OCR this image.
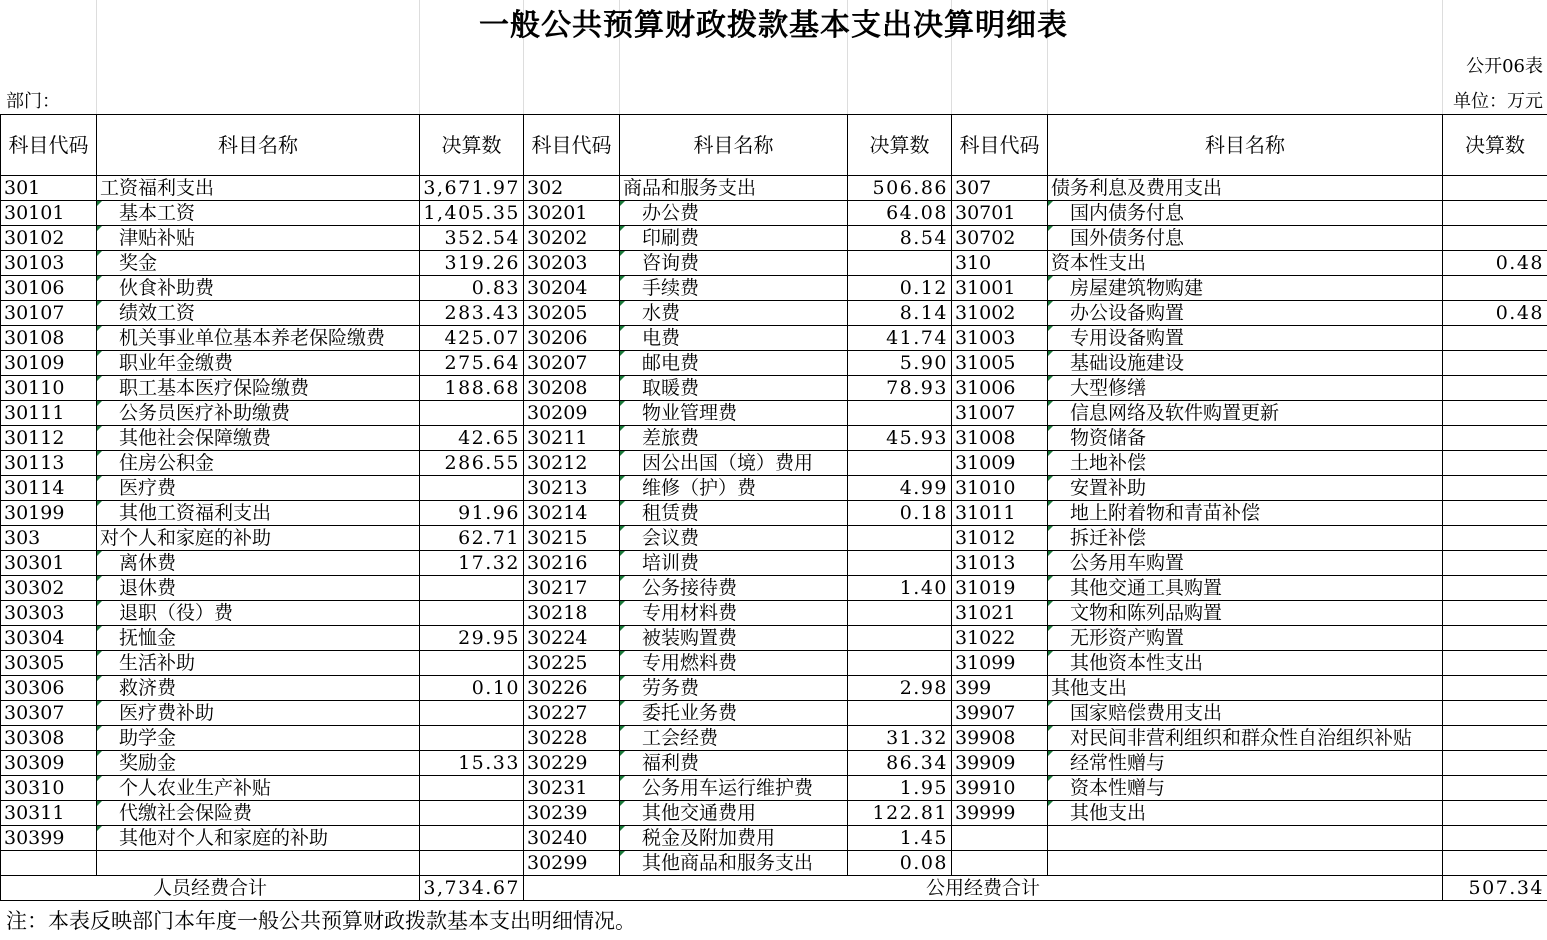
一般公共预算财政拨款基本支出决算明细表
公开06表
部门：	单位：万元
科目代码	科目名称	决算数	科目代码	科目名称	决算数	科目代码	科目名称	决算数
301	工资福利支出	3,671.97	302	商品和服务支出	506.86	307	债务利息及费用支出	
30101	基本工资	1,405.35	30201	办公费	64.08	30701	国内债务付息	
30102	津贴补贴	352.54	30202	印刷费	8.54	30702	国外债务付息	
30103	奖金	319.26	30203	咨询费		310	资本性支出	0.48
30106	伙食补助费	0.83	30204	手续费	0.12	31001	房屋建筑物购建	
30107	绩效工资	283.43	30205	水费	8.14	31002	办公设备购置	0.48
30108	机关事业单位基本养老保险缴费	425.07	30206	电费	41.74	31003	专用设备购置	
30109	职业年金缴费	275.64	30207	邮电费	5.90	31005	基础设施建设	
30110	职工基本医疗保险缴费	188.68	30208	取暖费	78.93	31006	大型修缮	
30111	公务员医疗补助缴费		30209	物业管理费		31007	信息网络及软件购置更新	
30112	其他社会保障缴费	42.65	30211	差旅费	45.93	31008	物资储备	
30113	住房公积金	286.55	30212	因公出国（境）费用		31009	土地补偿	
30114	医疗费		30213	维修（护）费	4.99	31010	安置补助	
30199	其他工资福利支出	91.96	30214	租赁费	0.18	31011	地上附着物和青苗补偿	
303	对个人和家庭的补助	62.71	30215	会议费		31012	拆迁补偿	
30301	离休费	17.32	30216	培训费		31013	公务用车购置	
30302	退休费		30217	公务接待费	1.40	31019	其他交通工具购置	
30303	退职（役）费		30218	专用材料费		31021	文物和陈列品购置	
30304	抚恤金	29.95	30224	被装购置费		31022	无形资产购置	
30305	生活补助		30225	专用燃料费		31099	其他资本性支出	
30306	救济费	0.10	30226	劳务费	2.98	399	其他支出	
30307	医疗费补助		30227	委托业务费		39907	国家赔偿费用支出	
30308	助学金		30228	工会经费	31.32	39908	对民间非营利组织和群众性自治组织补贴	
30309	奖励金	15.33	30229	福利费	86.34	39909	经常性赠与	
30310	个人农业生产补贴		30231	公务用车运行维护费	1.95	39910	资本性赠与	
30311	代缴社会保险费		30239	其他交通费用	122.81	39999	其他支出	
30399	其他对个人和家庭的补助		30240	税金及附加费用	1.45			
			30299	其他商品和服务支出	0.08			
人员经费合计		3,734.67	公用经费合计					507.34
注：本表反映部门本年度一般公共预算财政拨款基本支出明细情况。
